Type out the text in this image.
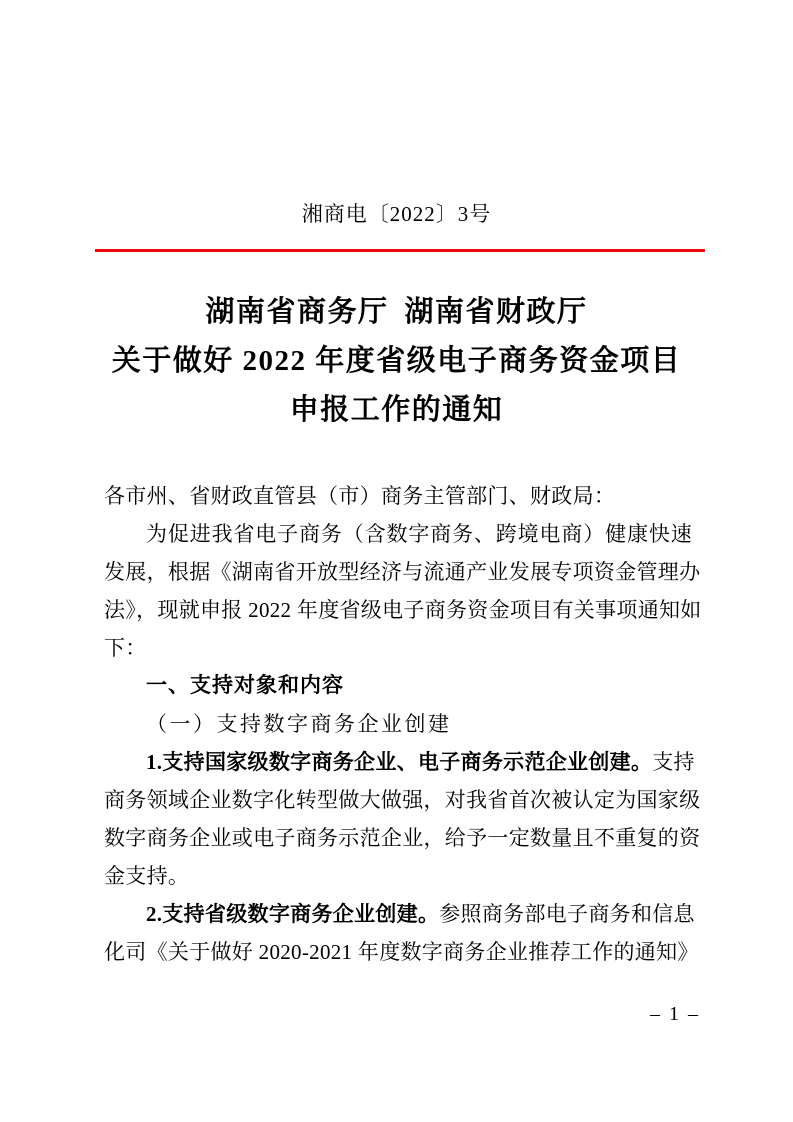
湘商电〔2022〕3号
湖南省商务厅 湖南省财政厅
关于做好 2022 年度省级电子商务资金项目
申报工作的通知
各市州、省财政直管县（市）商务主管部门、财政局：
为促进我省电子商务（含数字商务、跨境电商）健康快速
发展，根据《湖南省开放型经济与流通产业发展专项资金管理办
法》，现就申报 2022 年度省级电子商务资金项目有关事项通知如
下：
一、支持对象和内容
（一）支持数字商务企业创建
1.支持国家级数字商务企业、电子商务示范企业创建。支持
商务领域企业数字化转型做大做强，对我省首次被认定为国家级
数字商务企业或电子商务示范企业，给予一定数量且不重复的资
金支持。
2.支持省级数字商务企业创建。参照商务部电子商务和信息
化司《关于做好 2020-2021 年度数字商务企业推荐工作的通知》
– 1 –
